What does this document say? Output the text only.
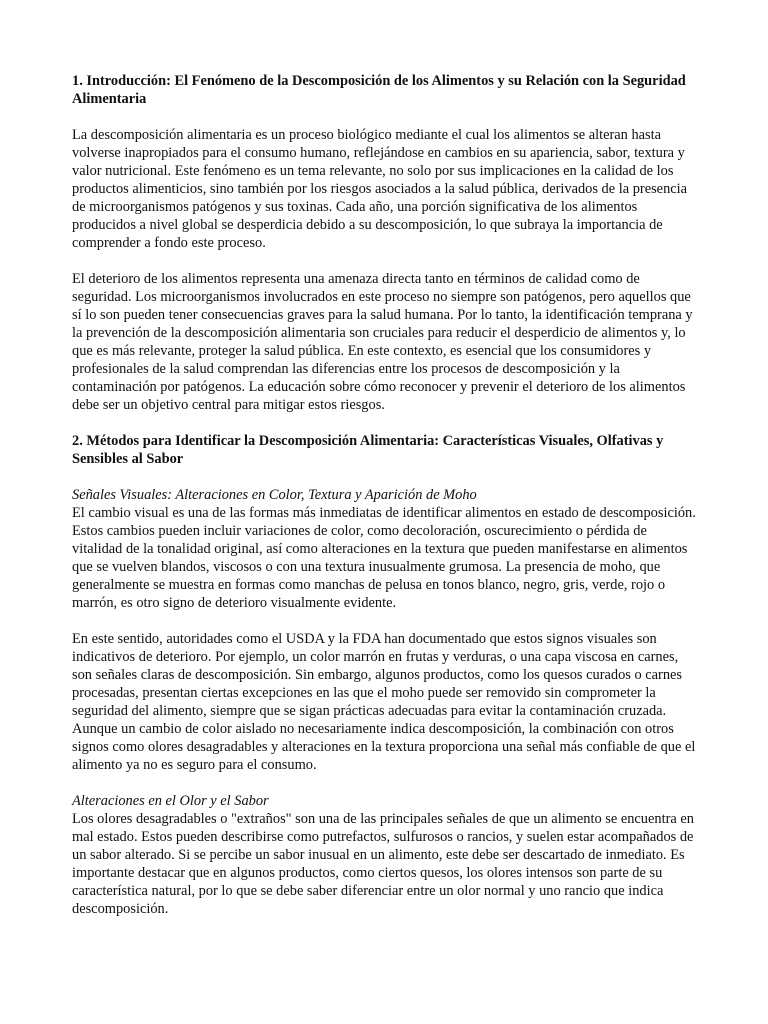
1. Introducción: El Fenómeno de la Descomposición de los Alimentos y su Relación con la Seguridad Alimentaria
La descomposición alimentaria es un proceso biológico mediante el cual los alimentos se alteran hasta volverse inapropiados para el consumo humano, reflejándose en cambios en su apariencia, sabor, textura y valor nutricional. Este fenómeno es un tema relevante, no solo por sus implicaciones en la calidad de los productos alimenticios, sino también por los riesgos asociados a la salud pública, derivados de la presencia de microorganismos patógenos y sus toxinas. Cada año, una porción significativa de los alimentos producidos a nivel global se desperdicia debido a su descomposición, lo que subraya la importancia de comprender a fondo este proceso.
El deterioro de los alimentos representa una amenaza directa tanto en términos de calidad como de seguridad. Los microorganismos involucrados en este proceso no siempre son patógenos, pero aquellos que sí lo son pueden tener consecuencias graves para la salud humana. Por lo tanto, la identificación temprana y la prevención de la descomposición alimentaria son cruciales para reducir el desperdicio de alimentos y, lo que es más relevante, proteger la salud pública. En este contexto, es esencial que los consumidores y profesionales de la salud comprendan las diferencias entre los procesos de descomposición y la contaminación por patógenos. La educación sobre cómo reconocer y prevenir el deterioro de los alimentos debe ser un objetivo central para mitigar estos riesgos.
2. Métodos para Identificar la Descomposición Alimentaria: Características Visuales, Olfativas y Sensibles al Sabor
Señales Visuales: Alteraciones en Color, Textura y Aparición de Moho
El cambio visual es una de las formas más inmediatas de identificar alimentos en estado de descomposición. Estos cambios pueden incluir variaciones de color, como decoloración, oscurecimiento o pérdida de vitalidad de la tonalidad original, así como alteraciones en la textura que pueden manifestarse en alimentos que se vuelven blandos, viscosos o con una textura inusualmente grumosa. La presencia de moho, que generalmente se muestra en formas como manchas de pelusa en tonos blanco, negro, gris, verde, rojo o marrón, es otro signo de deterioro visualmente evidente.
En este sentido, autoridades como el USDA y la FDA han documentado que estos signos visuales son indicativos de deterioro. Por ejemplo, un color marrón en frutas y verduras, o una capa viscosa en carnes, son señales claras de descomposición. Sin embargo, algunos productos, como los quesos curados o carnes procesadas, presentan ciertas excepciones en las que el moho puede ser removido sin comprometer la seguridad del alimento, siempre que se sigan prácticas adecuadas para evitar la contaminación cruzada. Aunque un cambio de color aislado no necesariamente indica descomposición, la combinación con otros signos como olores desagradables y alteraciones en la textura proporciona una señal más confiable de que el alimento ya no es seguro para el consumo.
Alteraciones en el Olor y el Sabor
Los olores desagradables o "extraños" son una de las principales señales de que un alimento se encuentra en mal estado. Estos pueden describirse como putrefactos, sulfurosos o rancios, y suelen estar acompañados de un sabor alterado. Si se percibe un sabor inusual en un alimento, este debe ser descartado de inmediato. Es importante destacar que en algunos productos, como ciertos quesos, los olores intensos son parte de su característica natural, por lo que se debe saber diferenciar entre un olor normal y uno rancio que indica descomposición.
